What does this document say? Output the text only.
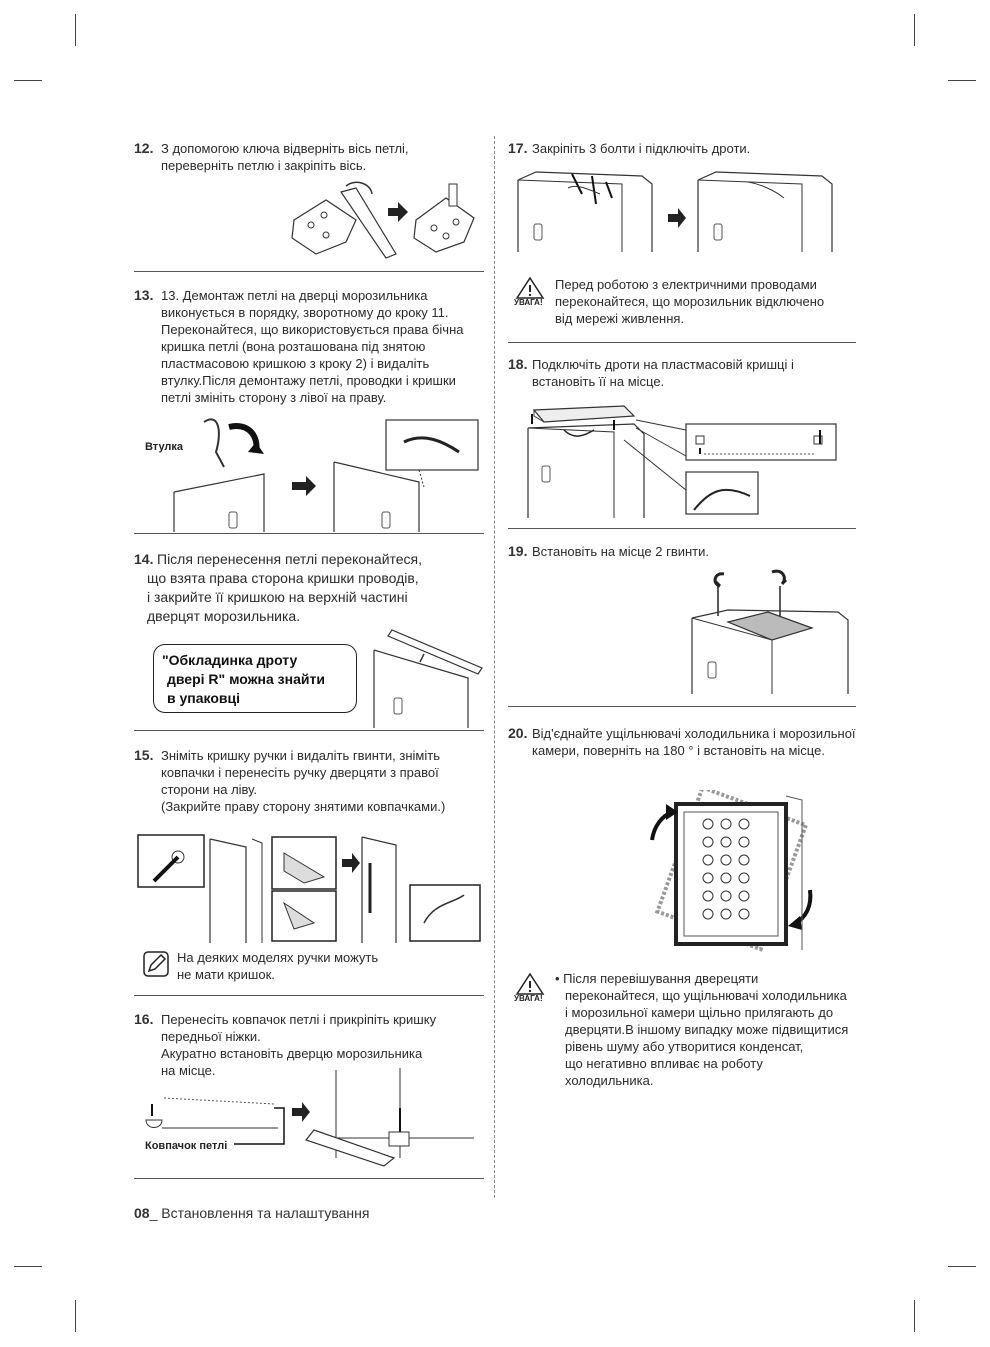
12. З допомогою ключа відверніть вісь петлі,
переверніть петлю і закріпіть вісь.
13. 13. Демонтаж петлі на дверці морозильника
виконується в порядку, зворотному до кроку 11.
Переконайтеся, що використовується права бічна
кришка петлі (вона розташована під знятою
пластмасовою кришкою з кроку 2) і видаліть
втулку.Після демонтажу петлі, проводки і кришки
петлі змініть сторону з лівої на праву.
Втулка
14. Після перенесення петлі переконайтеся,
що взята права сторона кришки проводів,
і закрийте її кришкою на верхній частині
дверцят морозильника.
"Обкладинка дроту
двері R" можна знайти
в упаковці
15. Зніміть кришку ручки і видаліть гвинти, зніміть
ковпачки і перенесіть ручку дверцяти з правої
сторони на ліву.
(Закрийте праву сторону знятими ковпачками.)
На деяких моделях ручки можуть
не мати кришок.
16. Перенесіть ковпачок петлі і прикріпіть кришку
передньої ніжки.
Акуратно встановіть дверцю морозильника
на місце.
Ковпачок петлі
17. Закріпіть 3 болти і підключіть дроти.
УВАГА!
Перед роботою з електричними проводами
переконайтеся, що морозильник відключено
від мережі живлення.
18. Подключіть дроти на пластмасовій кришці і
встановіть її на місце.
19. Встановіть на місце 2 гвинти.
20. Від'єднайте ущільнювачі холодильника і морозильної
камери, поверніть на 180 ° і встановіть на місце.
УВАГА!
• Після перевішування дверецяти
переконайтеся, що ущільнювачі холодильника
і морозильної камери щільно прилягають до
дверцяти.В іншому випадку може підвищитися
рівень шуму або утворитися конденсат,
що негативно впливає на роботу
холодильника.
08_ Встановлення та налаштування
